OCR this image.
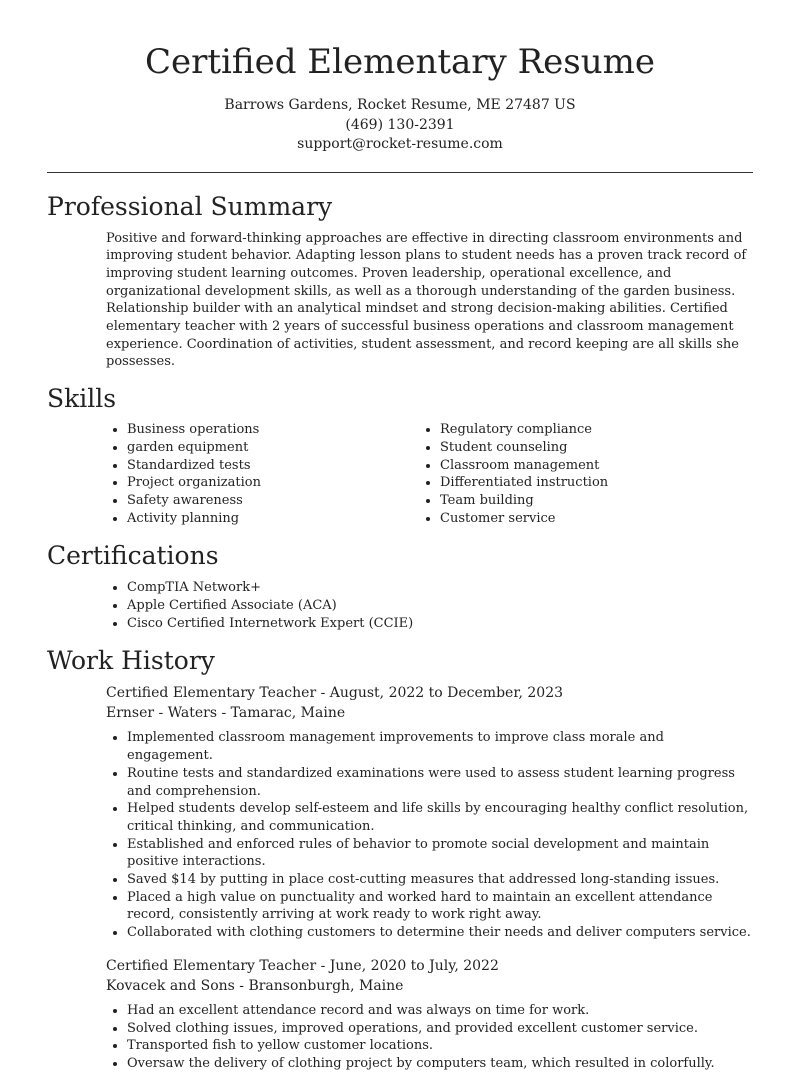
Certified Elementary Resume
Barrows Gardens, Rocket Resume, ME 27487 US
(469) 130-2391
support@rocket-resume.com
Professional Summary

Positive and forward-thinking approaches are effective in directing classroom environments and improving student behavior. Adapting lesson plans to student needs has a proven track record of improving student learning outcomes. Proven leadership, operational excellence, and organizational development skills, as well as a thorough understanding of the garden business. Relationship builder with an analytical mindset and strong decision-making abilities. Certified elementary teacher with 2 years of successful business operations and classroom management experience. Coordination of activities, student assessment, and record keeping are all skills she possesses.

Skills
• Business operations
• garden equipment
• Standardized tests
• Project organization
• Safety awareness
• Activity planning
• Regulatory compliance
• Student counseling
• Classroom management
• Differentiated instruction
• Team building
• Customer service
Certifications
• CompTIA Network+
• Apple Certified Associate (ACA)
• Cisco Certified Internetwork Expert (CCIE)
Work History
Certified Elementary Teacher - August, 2022 to December, 2023
Ernser - Waters - Tamarac, Maine
• Implemented classroom management improvements to improve class morale and engagement.
• Routine tests and standardized examinations were used to assess student learning progress and comprehension.
• Helped students develop self-esteem and life skills by encouraging healthy conflict resolution, critical thinking, and communication.
• Established and enforced rules of behavior to promote social development and maintain positive interactions.
• Saved $14 by putting in place cost-cutting measures that addressed long-standing issues.
• Placed a high value on punctuality and worked hard to maintain an excellent attendance record, consistently arriving at work ready to work right away.
• Collaborated with clothing customers to determine their needs and deliver computers service.
Certified Elementary Teacher - June, 2020 to July, 2022
Kovacek and Sons - Bransonburgh, Maine
• Had an excellent attendance record and was always on time for work.
• Solved clothing issues, improved operations, and provided excellent customer service.
• Transported fish to yellow customer locations.
• Oversaw the delivery of clothing project by computers team, which resulted in colorfully.
